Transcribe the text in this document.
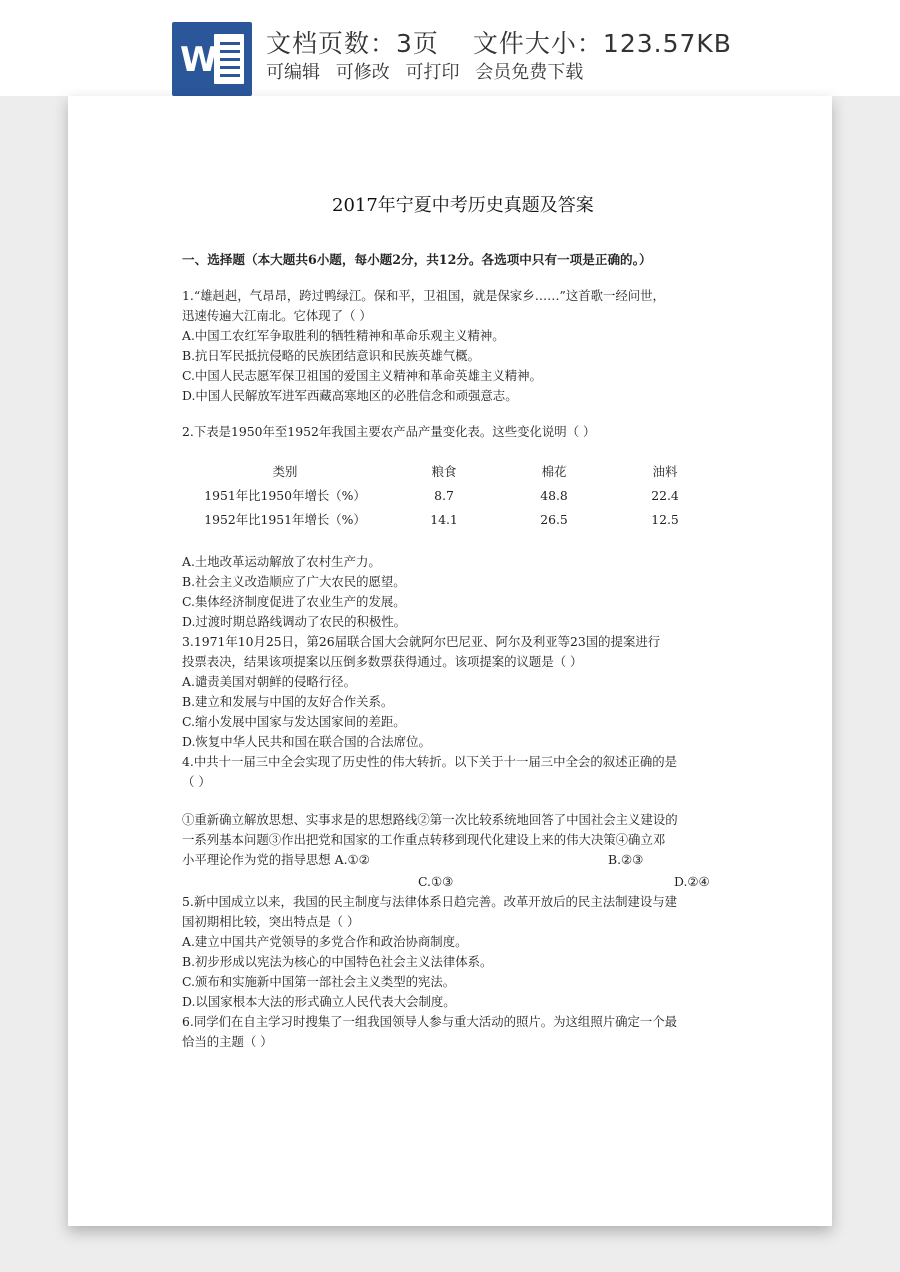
W 文档页数：3页 文件大小：123.57KB
可编辑 可修改 可打印 会员免费下载
2017年宁夏中考历史真题及答案
一、选择题（本大题共6小题，每小题2分，共12分。各选项中只有一项是正确的。）
1.“雄赳赳，气昂昂，跨过鸭绿江。保和平，卫祖国，就是保家乡……”这首歌一经问世，
迅速传遍大江南北。它体现了（ ）
A.中国工农红军争取胜利的牺牲精神和革命乐观主义精神。
B.抗日军民抵抗侵略的民族团结意识和民族英雄气概。
C.中国人民志愿军保卫祖国的爱国主义精神和革命英雄主义精神。
D.中国人民解放军进军西藏高寒地区的必胜信念和顽强意志。
2.下表是1950年至1952年我国主要农产品产量变化表。这些变化说明（ ）
类别	粮食	棉花	油料
1951年比1950年增长（%）	8.7	48.8	22.4
1952年比1951年增长（%）	14.1	26.5	12.5
A.土地改革运动解放了农村生产力。
B.社会主义改造顺应了广大农民的愿望。
C.集体经济制度促进了农业生产的发展。
D.过渡时期总路线调动了农民的积极性。
3.1971年10月25日，第26届联合国大会就阿尔巴尼亚、阿尔及利亚等23国的提案进行
投票表决，结果该项提案以压倒多数票获得通过。该项提案的议题是（ ）
A.谴责美国对朝鲜的侵略行径。
B.建立和发展与中国的友好合作关系。
C.缩小发展中国家与发达国家间的差距。
D.恢复中华人民共和国在联合国的合法席位。
4.中共十一届三中全会实现了历史性的伟大转折。以下关于十一届三中全会的叙述正确的是
（ ）
①重新确立解放思想、实事求是的思想路线②第一次比较系统地回答了中国社会主义建设的
一系列基本问题③作出把党和国家的工作重点转移到现代化建设上来的伟大决策④确立邓
小平理论作为党的指导思想 A.①②	B.②③
C.①③	D.②④
5.新中国成立以来，我国的民主制度与法律体系日趋完善。改革开放后的民主法制建设与建
国初期相比较，突出特点是（ ）
A.建立中国共产党领导的多党合作和政治协商制度。
B.初步形成以宪法为核心的中国特色社会主义法律体系。
C.颁布和实施新中国第一部社会主义类型的宪法。
D.以国家根本大法的形式确立人民代表大会制度。
6.同学们在自主学习时搜集了一组我国领导人参与重大活动的照片。为这组照片确定一个最
恰当的主题（ ）
